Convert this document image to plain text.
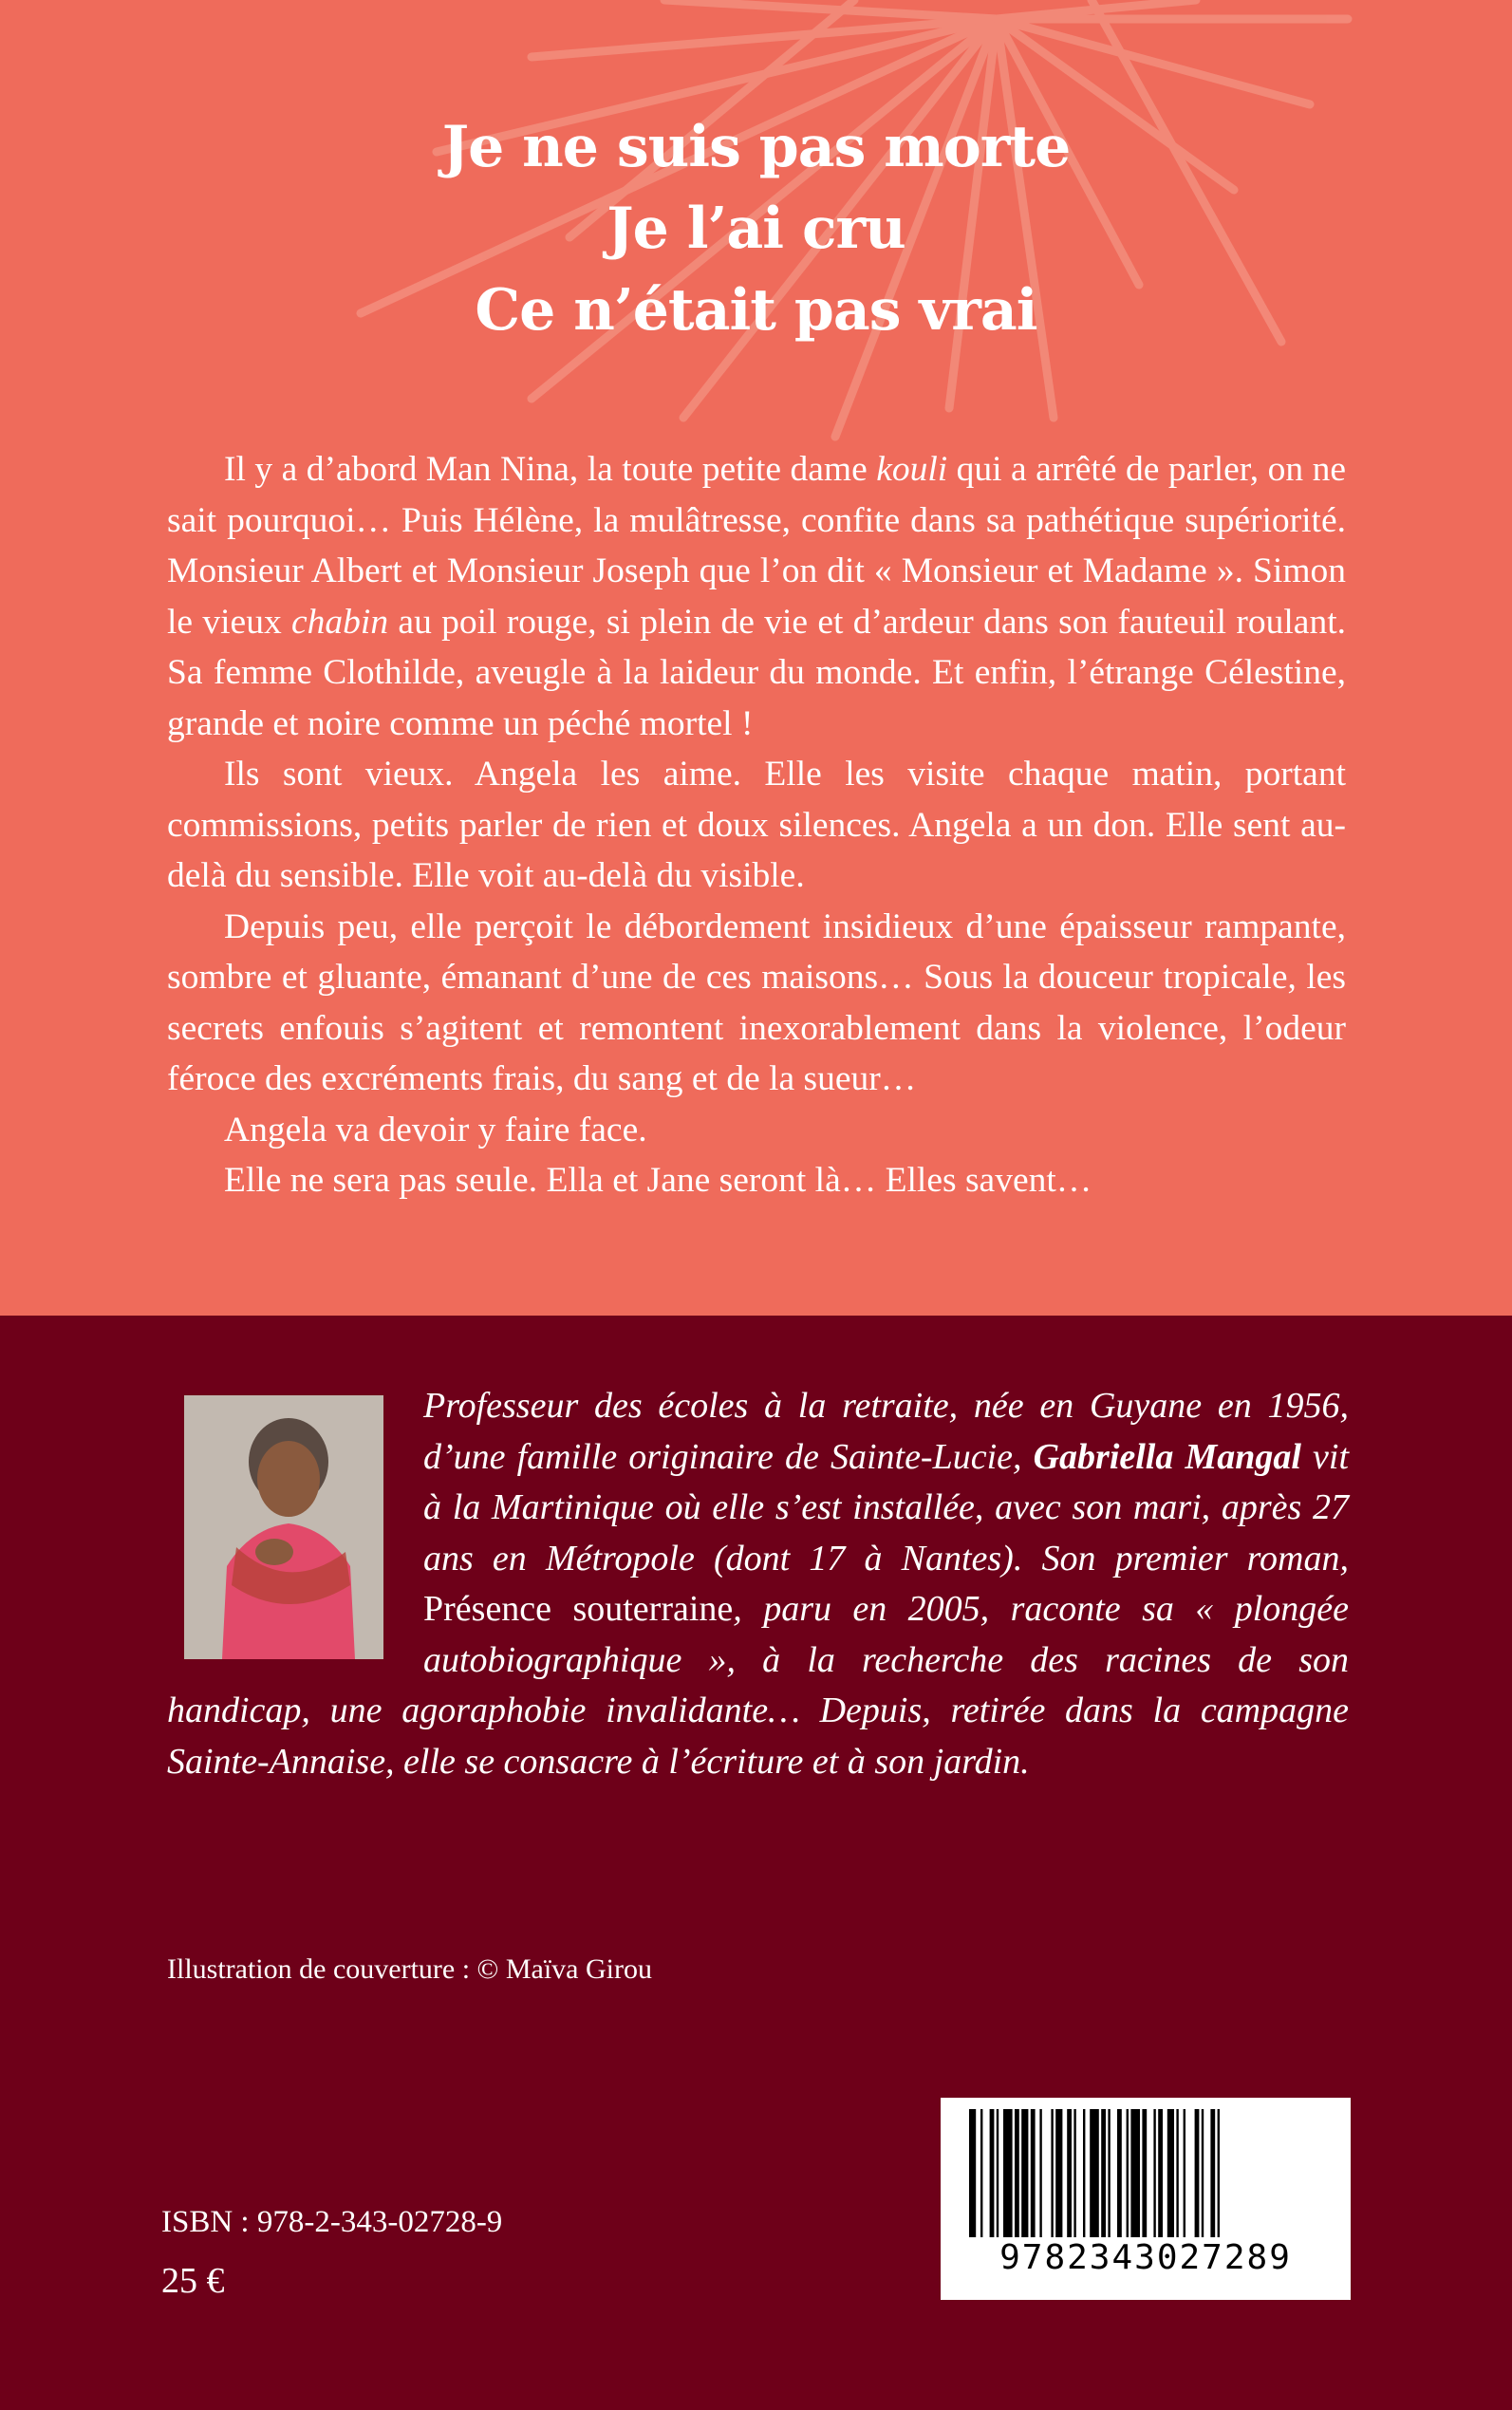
Je ne suis pas morte
Je l’ai cru
Ce n’était pas vrai

Il y a d’abord Man Nina, la toute petite dame kouli qui a arrêté de parler, on ne sait pourquoi… Puis Hélène, la mulâtresse, confite dans sa pathétique supériorité. Monsieur Albert et Monsieur Joseph que l’on dit « Monsieur et Madame ». Simon le vieux chabin au poil rouge, si plein de vie et d’ardeur dans son fauteuil roulant. Sa femme Clothilde, aveugle à la laideur du monde. Et enfin, l’étrange Célestine, grande et noire comme un péché mortel !

Ils sont vieux. Angela les aime. Elle les visite chaque matin, portant commissions, petits parler de rien et doux silences. Angela a un don. Elle sent au-delà du sensible. Elle voit au-delà du visible.

Depuis peu, elle perçoit le débordement insidieux d’une épaisseur rampante, sombre et gluante, émanant d’une de ces maisons… Sous la douceur tropicale, les secrets enfouis s’agitent et remontent inexorablement dans la violence, l’odeur féroce des excréments frais, du sang et de la sueur…

Angela va devoir y faire face.

Elle ne sera pas seule. Ella et Jane seront là… Elles savent…

Professeur des écoles à la retraite, née en Guyane en 1956, d’une famille originaire de Sainte-Lucie, Gabriella Mangal vit à la Martinique où elle s’est installée, avec son mari, après 27 ans en Métropole (dont 17 à Nantes). Son premier roman, Présence souterraine, paru en 2005, raconte sa « plongée autobiographique », à la recherche des racines de son handicap, une agoraphobie invalidante… Depuis, retirée dans la campagne Sainte-Annaise, elle se consacre à l’écriture et à son jardin.
Illustration de couverture : © Maïva Girou
ISBN : 978-2-343-02728-9
25 €
9782343027289
